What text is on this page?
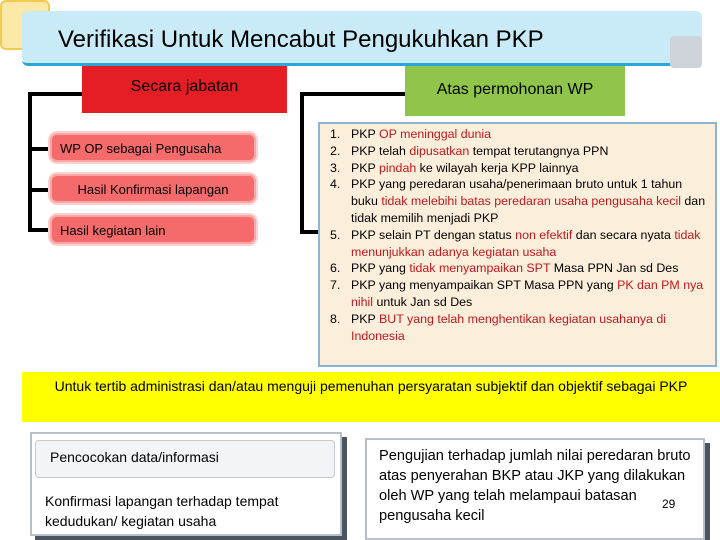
Verifikasi Untuk Mencabut Pengukuhkan PKP
Secara jabatan	Atas permohonan WP
WP OP sebagai Pengusaha
Hasil Konfirmasi lapangan
Hasil kegiatan lain
1. PKP OP meninggal dunia
2. PKP telah dipusatkan tempat terutangnya PPN
3. PKP pindah ke wilayah kerja KPP lainnya
4. PKP yang peredaran usaha/penerimaan bruto untuk 1 tahun buku tidak melebihi batas peredaran usaha pengusaha kecil dan tidak memilih menjadi PKP
5. PKP selain PT dengan status non efektif dan secara nyata tidak menunjukkan adanya kegiatan usaha
6. PKP yang tidak menyampaikan SPT Masa PPN Jan sd Des
7. PKP yang menyampaikan SPT Masa PPN yang PK dan PM nya nihil untuk Jan sd Des
8. PKP BUT yang telah menghentikan kegiatan usahanya di Indonesia
Untuk tertib administrasi dan/atau menguji pemenuhan persyaratan subjektif dan objektif sebagai PKP
Pencocokan data/informasi
Konfirmasi lapangan terhadap tempat kedudukan/ kegiatan usaha
Pengujian terhadap jumlah nilai peredaran bruto atas penyerahan BKP atau JKP yang dilakukan oleh WP yang telah melampaui batasan pengusaha kecil
29
